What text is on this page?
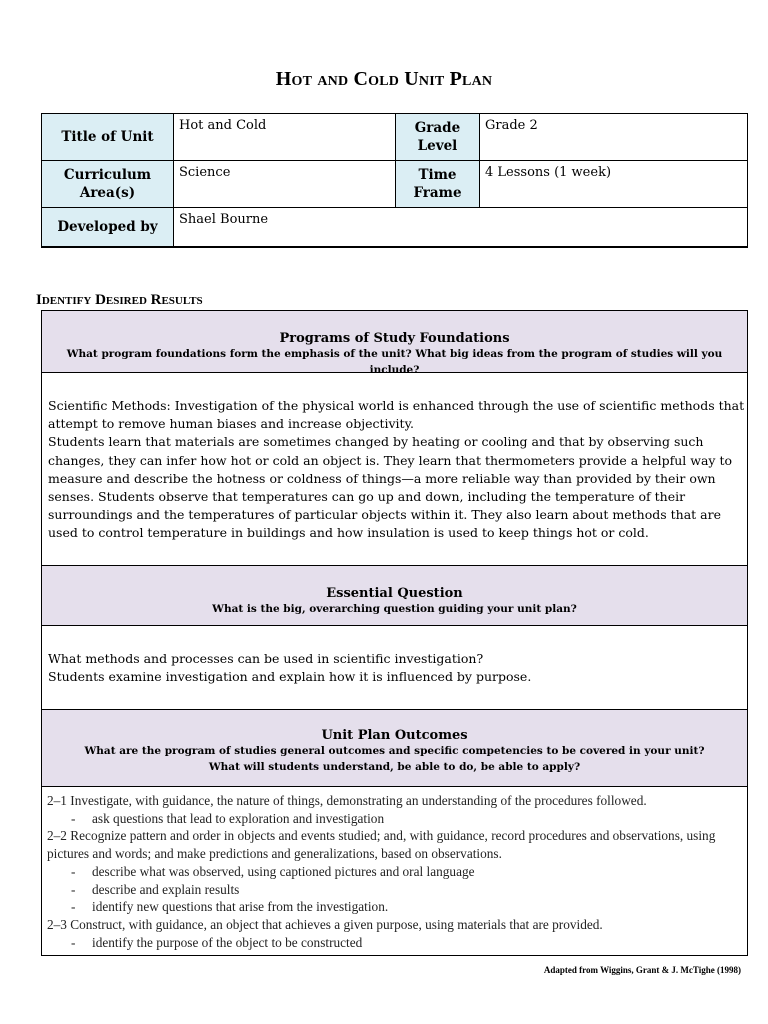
Hot and Cold Unit Plan
Title of Unit	Hot and Cold	Grade Level	Grade 2
Curriculum Area(s)	Science	Time Frame	4 Lessons (1 week)
Developed by	Shael Bourne		
Identify Desired Results
Programs of Study Foundations
What program foundations form the emphasis of the unit? What big ideas from the program of studies will you include?
Scientific Methods: Investigation of the physical world is enhanced through the use of scientific methods that attempt to remove human biases and increase objectivity.
Students learn that materials are sometimes changed by heating or cooling and that by observing such changes, they can infer how hot or cold an object is. They learn that thermometers provide a helpful way to measure and describe the hotness or coldness of things—a more reliable way than provided by their own senses. Students observe that temperatures can go up and down, including the temperature of their surroundings and the temperatures of particular objects within it. They also learn about methods that are used to control temperature in buildings and how insulation is used to keep things hot or cold.
Essential Question
What is the big, overarching question guiding your unit plan?
What methods and processes can be used in scientific investigation?
Students examine investigation and explain how it is influenced by purpose.
Unit Plan Outcomes
What are the program of studies general outcomes and specific competencies to be covered in your unit?
What will students understand, be able to do, be able to apply?
2–1 Investigate, with guidance, the nature of things, demonstrating an understanding of the procedures followed.
- ask questions that lead to exploration and investigation
2–2 Recognize pattern and order in objects and events studied; and, with guidance, record procedures and observations, using pictures and words; and make predictions and generalizations, based on observations.
- describe what was observed, using captioned pictures and oral language
- describe and explain results
- identify new questions that arise from the investigation.
2–3 Construct, with guidance, an object that achieves a given purpose, using materials that are provided.
- identify the purpose of the object to be constructed
Adapted from Wiggins, Grant & J. McTighe (1998)
